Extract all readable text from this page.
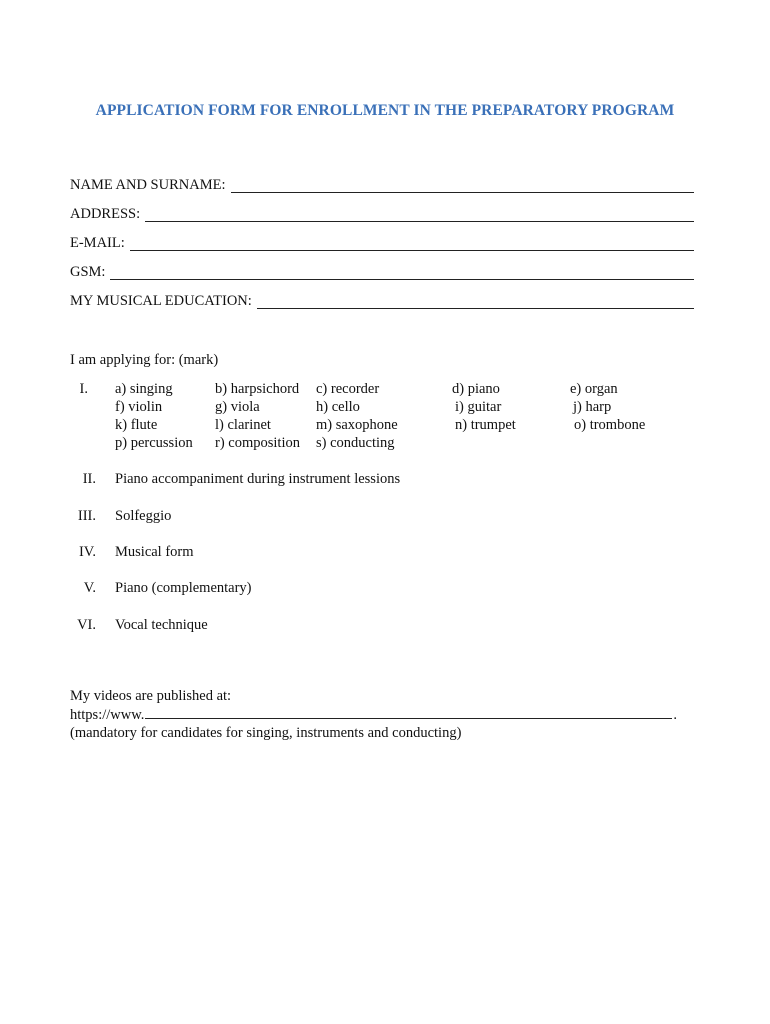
APPLICATION FORM FOR ENROLLMENT IN THE PREPARATORY PROGRAM
NAME AND SURNAME:
ADDRESS:
E-MAIL:
GSM:
MY MUSICAL EDUCATION:
I am applying for: (mark)
I. a) singing	b) harpsichord c) recorder	d) piano	e) organ
f) violin	g) viola	h) cello	i) guitar	j) harp
k) flute	l) clarinet	m) saxophone	n) trumpet	o) trombone
p) percussion r) composition s) conducting
II. Piano accompaniment during instrument lessions
III. Solfeggio
IV. Musical form
V. Piano (complementary)
VI. Vocal technique
My videos are published at:
https://www.	.
(mandatory for candidates for singing, instruments and conducting)
